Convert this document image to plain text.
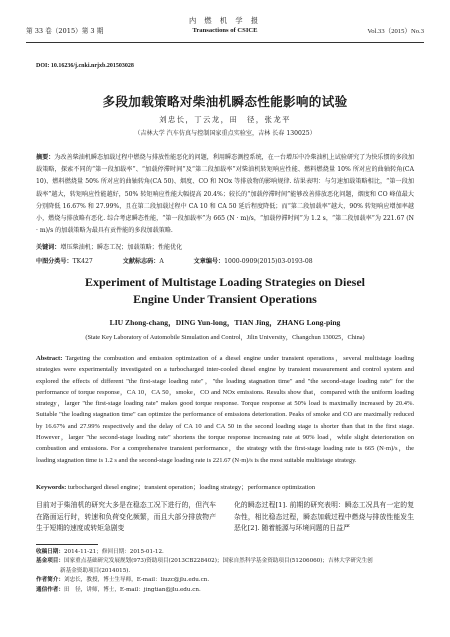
第 33 卷（2015）第 3 期
内 燃 机 学 报
Transactions of CSICE	Vol.33（2015）No.3
DOI: 10.16236/j.cnki.nrjxb.201503028
多段加载策略对柴油机瞬态性能影响的试验
刘忠长，丁云龙，田　径，张龙平
（吉林大学 汽车仿真与控制国家重点实验室，吉林 长春 130025）

摘要：为改善柴油机瞬态加载过程中燃烧与排放性能恶化的问题，利用瞬态测控系统，在一台增压中冷柴油机上试验研究了为快乐惯的多段加载策略，探索不同的“第一段加载率”、“加载停滞时间”及“第二段加载率”对柴油机转矩响应性能、燃料燃烧量 10% 所对应的曲轴转角(CA 10)、燃料燃烧量 50% 所对应的曲轴转角(CA 50)、烟度、CO 和 NOx 等排放物的影响规律. 结果表明：与匀速加载策略相比，“第一段加载率”越大，转矩响应性能越好，50% 转矩响应性能大幅提高 20.4%；较长的“加载停滞时间”能够改善排放恶化问题，烟度和 CO 峰值最大分别降低 16.67% 和 27.99%，且在第二段加载过程中 CA 10 和 CA 50 延后程度降低；而“第二段加载率”越大，90% 转矩响应增加率越小，燃烧与排放略有恶化. 综合考虑瞬态性能，“第一段加载率”为 665 (N · m)/s，“加载停滞时间”为 1.2 s，“第二段加载率”为 221.67 (N · m)/s 的加载策略为最具有贡件能的多段加载策略.

关键词：增压柴油机；瞬态工况；加载策略；性能优化

中图分类号：TK427	文献标志码：A	文章编号：1000-0909(2015)03-0193-08

Experiment of Multistage Loading Strategies on Diesel
Engine Under Transient Operations
LIU Zhong-chang，DING Yun-long，TIAN Jing，ZHANG Long-ping
(State Key Laboratory of Automobile Simulation and Control，Jilin University，Changchun 130025，China)

Abstract: Targeting the combustion and emission optimization of a diesel engine under transient operations，several multistage loading strategies were experimentally investigated on a turbocharged inter-cooled diesel engine by transient measurement and control system and explored the effects of different "the first-stage loading rate"，"the loading stagnation time" and "the second-stage loading rate" for the performance of torque response，CA 10，CA 50，smoke，CO and NOx emissions. Results show that，compared with the uniform loading strategy，larger "the first-stage loading rate" makes good torque response. Torque response at 50% load is maximally increased by 20.4%. Suitable "the loading stagnation time" can optimize the performance of emissions deterioration. Peaks of smoke and CO are maximally reduced by 16.67% and 27.99% respectively and the delay of CA 10 and CA 50 in the second loading stage is shorter than that in the first stage. However，larger "the second-stage loading rate" shortens the torque response increasing rate at 90% load，while slight deterioration on combustion and emissions. For a comprehensive transient performance，the strategy with the first-stage loading rate is 665 (N·m)/s，the loading stagnation time is 1.2 s and the second-stage loading rate is 221.67 (N·m)/s is the most suitable multistage strategy.

Keywords: turbocharged diesel engine；transient operation；loading strategy；performance optimization

目前对于柴油机的研究大多是在稳态工况下进行的，但汽车在路面运行时，转速和负荷变化频繁，而且大部分排放物产生于短期的速度或转矩急剧变

化的瞬态过程[1]. 前期的研究表明：瞬态工况具有一定的复杂性，相比稳态过程，瞬态加载过程中燃烧与排放性能发生恶化[2]. 随着能源与环境问题的日益严

收稿日期：2014-11-21；修回日期：2015-01-12.
基金项目：国家重点基础研究发展规划(973)资助项目(2013CB228402)；国家自然科学基金资助项目(51206060)；吉林大学研究生创
新基金资助项目(2014015).
作者简介：刘忠长，教授，博士生导师，E-mail：liuzc@jlu.edu.cn.
通信作者：田　径，讲师，博士，E-mail：jingtian@jlu.edu.cn.
